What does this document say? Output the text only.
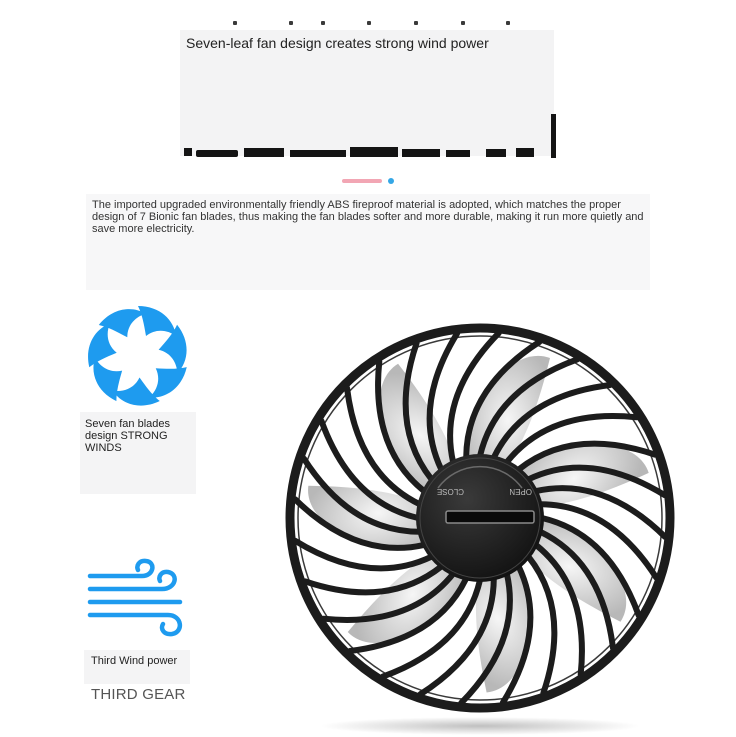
Seven-leaf fan design creates strong wind power
The imported upgraded environmentally friendly ABS fireproof material is adopted, which matches the proper design of 7 Bionic fan blades, thus making the fan blades softer and more durable, making it run more quietly and save more electricity.
Seven fan blades design STRONG WINDS
Third Wind power
THIRD GEAR
CLOSE	OPEN
